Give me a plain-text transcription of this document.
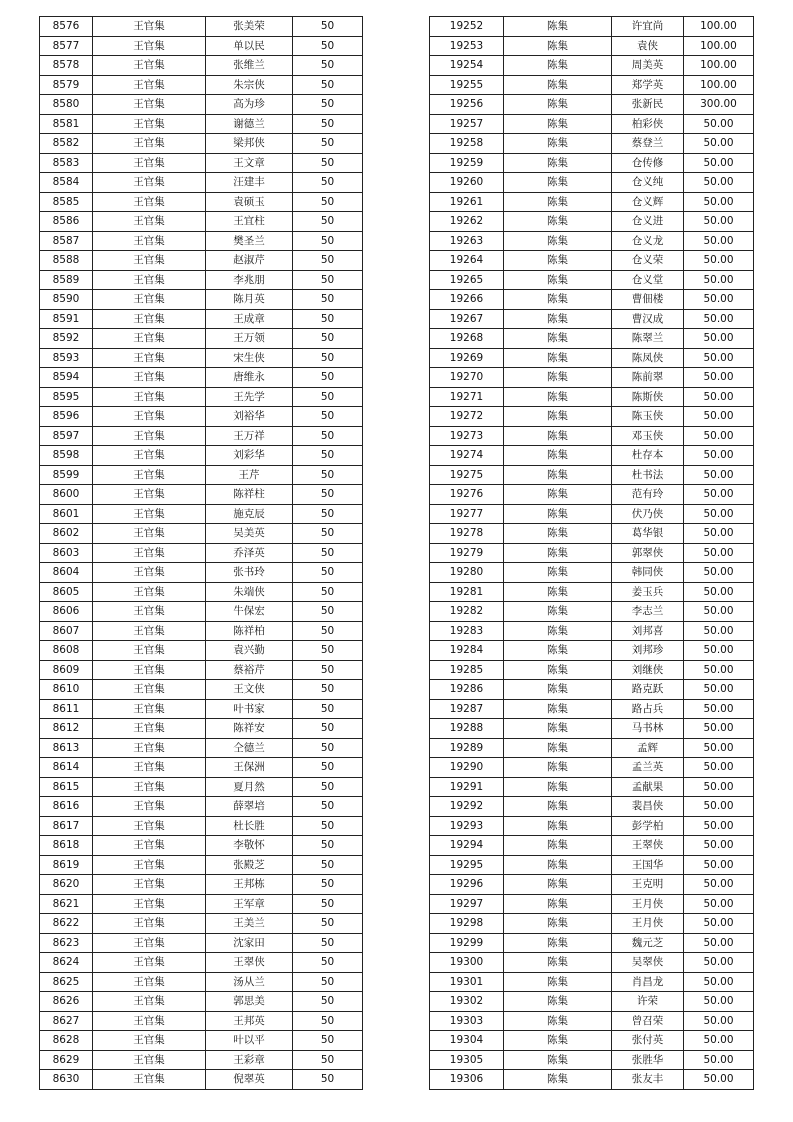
8576	王官集	张美荣	50
8577	王官集	单以民	50
8578	王官集	张维兰	50
8579	王官集	朱宗侠	50
8580	王官集	高为珍	50
8581	王官集	谢德兰	50
8582	王官集	梁邦侠	50
8583	王官集	王文章	50
8584	王官集	汪建丰	50
8585	王官集	袁硕玉	50
8586	王官集	王宜柱	50
8587	王官集	樊圣兰	50
8588	王官集	赵淑芹	50
8589	王官集	李兆朋	50
8590	王官集	陈月英	50
8591	王官集	王成章	50
8592	王官集	王万领	50
8593	王官集	宋生侠	50
8594	王官集	唐维永	50
8595	王官集	王先学	50
8596	王官集	刘裕华	50
8597	王官集	王万祥	50
8598	王官集	刘彩华	50
8599	王官集	王芹	50
8600	王官集	陈祥柱	50
8601	王官集	施克辰	50
8602	王官集	吴美英	50
8603	王官集	乔泽英	50
8604	王官集	张书玲	50
8605	王官集	朱端侠	50
8606	王官集	牛保宏	50
8607	王官集	陈祥柏	50
8608	王官集	袁兴勤	50
8609	王官集	蔡裕芹	50
8610	王官集	王文侠	50
8611	王官集	叶书家	50
8612	王官集	陈祥安	50
8613	王官集	仝德兰	50
8614	王官集	王保洲	50
8615	王官集	夏月然	50
8616	王官集	薛翠培	50
8617	王官集	杜长胜	50
8618	王官集	李敬怀	50
8619	王官集	张殿芝	50
8620	王官集	王邦栋	50
8621	王官集	王军章	50
8622	王官集	王美兰	50
8623	王官集	沈家田	50
8624	王官集	王翠侠	50
8625	王官集	汤从兰	50
8626	王官集	郭思美	50
8627	王官集	王邦英	50
8628	王官集	叶以平	50
8629	王官集	王彩章	50
8630	王官集	倪翠英	50
19252	陈集	许宜尚	100.00
19253	陈集	袁侠	100.00
19254	陈集	周美英	100.00
19255	陈集	郑学英	100.00
19256	陈集	张新民	300.00
19257	陈集	柏彩侠	50.00
19258	陈集	蔡登兰	50.00
19259	陈集	仓传修	50.00
19260	陈集	仓义纯	50.00
19261	陈集	仓义辉	50.00
19262	陈集	仓义进	50.00
19263	陈集	仓义龙	50.00
19264	陈集	仓义荣	50.00
19265	陈集	仓义堂	50.00
19266	陈集	曹佃楼	50.00
19267	陈集	曹汉成	50.00
19268	陈集	陈翠兰	50.00
19269	陈集	陈凤侠	50.00
19270	陈集	陈前翠	50.00
19271	陈集	陈斯侠	50.00
19272	陈集	陈玉侠	50.00
19273	陈集	邓玉侠	50.00
19274	陈集	杜存本	50.00
19275	陈集	杜书法	50.00
19276	陈集	范有玲	50.00
19277	陈集	伏乃侠	50.00
19278	陈集	葛华银	50.00
19279	陈集	郭翠侠	50.00
19280	陈集	韩同侠	50.00
19281	陈集	姜玉兵	50.00
19282	陈集	李志兰	50.00
19283	陈集	刘邦喜	50.00
19284	陈集	刘邦珍	50.00
19285	陈集	刘继侠	50.00
19286	陈集	路克跃	50.00
19287	陈集	路占兵	50.00
19288	陈集	马书林	50.00
19289	陈集	孟辉	50.00
19290	陈集	孟兰英	50.00
19291	陈集	孟献果	50.00
19292	陈集	裴昌侠	50.00
19293	陈集	彭学柏	50.00
19294	陈集	王翠侠	50.00
19295	陈集	王国华	50.00
19296	陈集	王克明	50.00
19297	陈集	王月侠	50.00
19298	陈集	王月侠	50.00
19299	陈集	魏元芝	50.00
19300	陈集	吴翠侠	50.00
19301	陈集	肖昌龙	50.00
19302	陈集	许荣	50.00
19303	陈集	曾召荣	50.00
19304	陈集	张付英	50.00
19305	陈集	张胜华	50.00
19306	陈集	张友丰	50.00
